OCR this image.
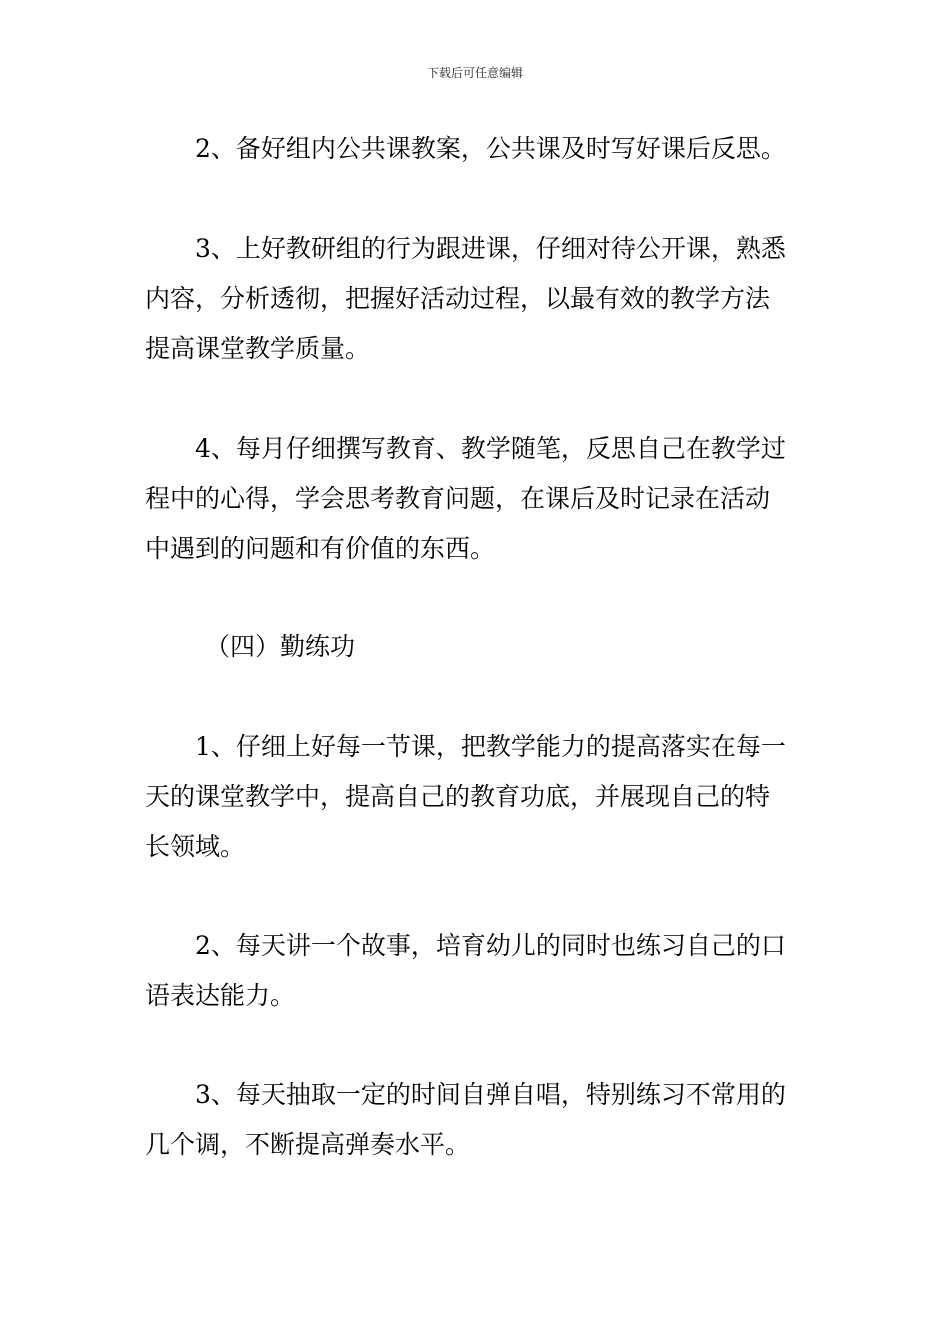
下载后可任意编辑
2、备好组内公共课教案，公共课及时写好课后反思。
3、上好教研组的行为跟进课，仔细对待公开课，熟悉
内容，分析透彻，把握好活动过程，以最有效的教学方法
提高课堂教学质量。
4、每月仔细撰写教育、教学随笔，反思自己在教学过
程中的心得，学会思考教育问题，在课后及时记录在活动
中遇到的问题和有价值的东西。
（四）勤练功
1、仔细上好每一节课，把教学能力的提高落实在每一
天的课堂教学中，提高自己的教育功底，并展现自己的特
长领域。
2、每天讲一个故事，培育幼儿的同时也练习自己的口
语表达能力。
3、每天抽取一定的时间自弹自唱，特别练习不常用的
几个调，不断提高弹奏水平。
